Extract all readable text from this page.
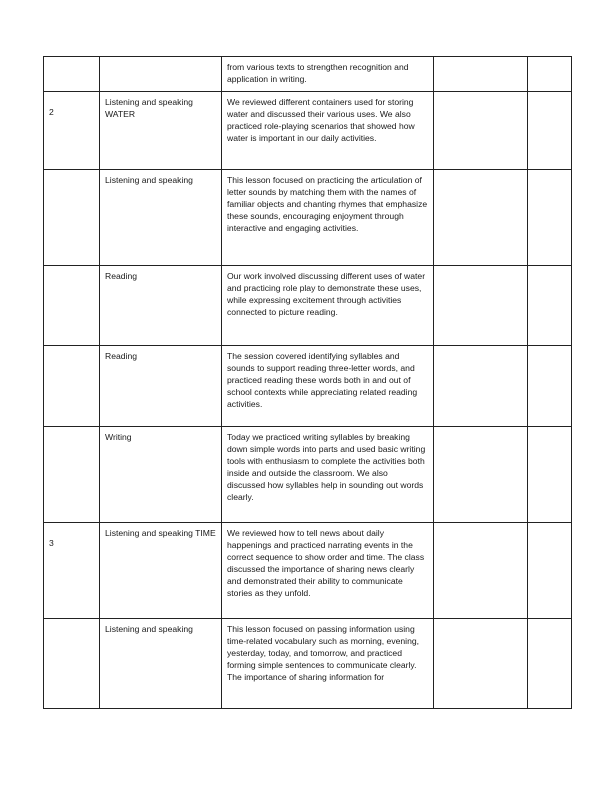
		from various texts to strengthen recognition and application in writing.		
2	Listening and speaking WATER	We reviewed different containers used for storing water and discussed their various uses. We also practiced role-playing scenarios that showed how water is important in our daily activities.		
	Listening and speaking	This lesson focused on practicing the articulation of letter sounds by matching them with the names of familiar objects and chanting rhymes that emphasize these sounds, encouraging enjoyment through interactive and engaging activities.		
	Reading	Our work involved discussing different uses of water and practicing role play to demonstrate these uses, while expressing excitement through activities connected to picture reading.		
	Reading	The session covered identifying syllables and sounds to support reading three-letter words, and practiced reading these words both in and out of school contexts while appreciating related reading activities.		
	Writing	Today we practiced writing syllables by breaking down simple words into parts and used basic writing tools with enthusiasm to complete the activities both inside and outside the classroom. We also discussed how syllables help in sounding out words clearly.		
3	Listening and speaking TIME	We reviewed how to tell news about daily happenings and practiced narrating events in the correct sequence to show order and time. The class discussed the importance of sharing news clearly and demonstrated their ability to communicate stories as they unfold.		
	Listening and speaking	This lesson focused on passing information using time-related vocabulary such as morning, evening, yesterday, today, and tomorrow, and practiced forming simple sentences to communicate clearly. The importance of sharing information for		
